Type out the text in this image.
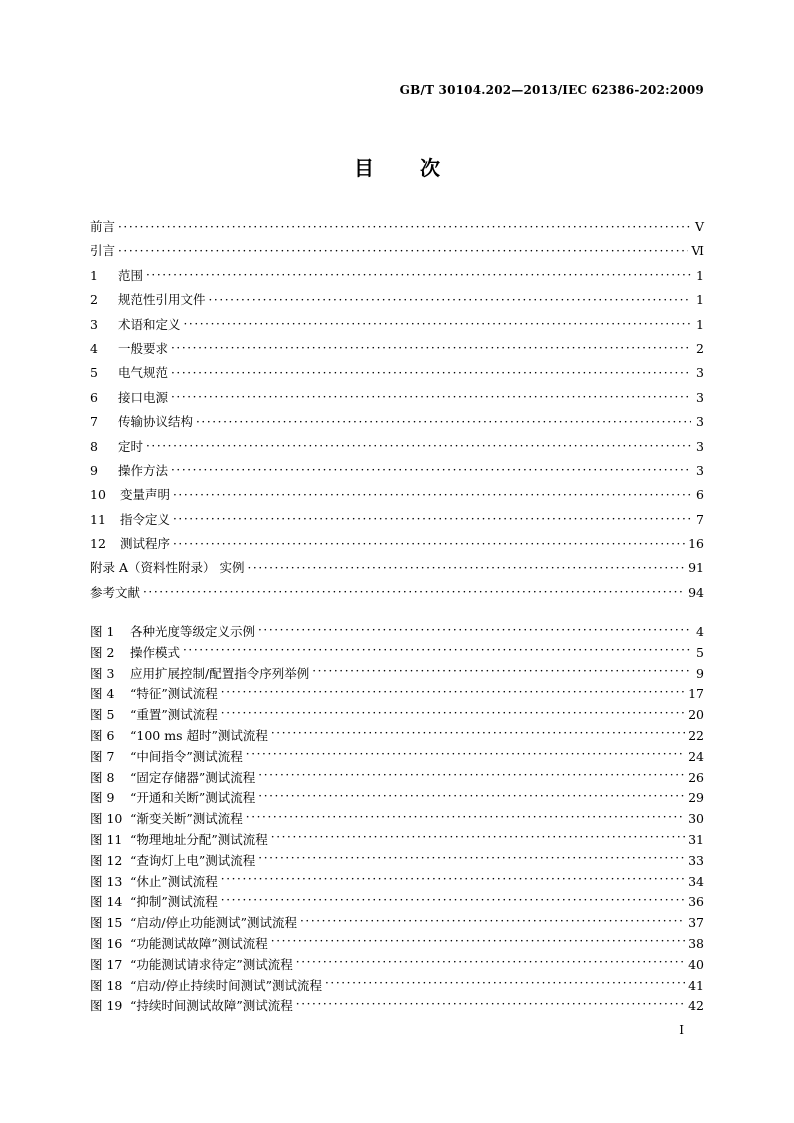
GB/T 30104.202—2013/IEC 62386-202:2009
目 次
前言 ·····	Ⅴ
引言 ·····	Ⅵ
1	范围 ·····	1
2	规范性引用文件 ·····	1
3	术语和定义 ·····	1
4	一般要求 ·····	2
5	电气规范 ·····	3
6	接口电源 ·····	3
7	传输协议结构 ·····	3
8	定时 ·····	3
9	操作方法 ·····	3
10	变量声明 ·····	6
11	指令定义 ·····	7
12	测试程序 ·····	16
附录 A（资料性附录） 实例 ·····	91
参考文献 ·····	94
图 1	各种光度等级定义示例 ·····	4
图 2	操作模式 ·····	5
图 3	应用扩展控制/配置指令序列举例 ·····	9
图 4	“特征”测试流程 ·····	17
图 5	“重置”测试流程 ·····	20
图 6	“100 ms 超时”测试流程 ·····	22
图 7	“中间指令”测试流程 ·····	24
图 8	“固定存储器”测试流程 ·····	26
图 9	“开通和关断”测试流程 ·····	29
图 10 “渐变关断”测试流程 ·····	30
图 11 “物理地址分配”测试流程 ·····	31
图 12 “查询灯上电”测试流程 ·····	33
图 13 “休止”测试流程 ·····	34
图 14 “抑制”测试流程 ·····	36
图 15 “启动/停止功能测试”测试流程 ·····	37
图 16 “功能测试故障”测试流程 ·····	38
图 17 “功能测试请求待定”测试流程 ·····	40
图 18 “启动/停止持续时间测试”测试流程 ·····	41
图 19 “持续时间测试故障”测试流程 ·····	42
Ⅰ
